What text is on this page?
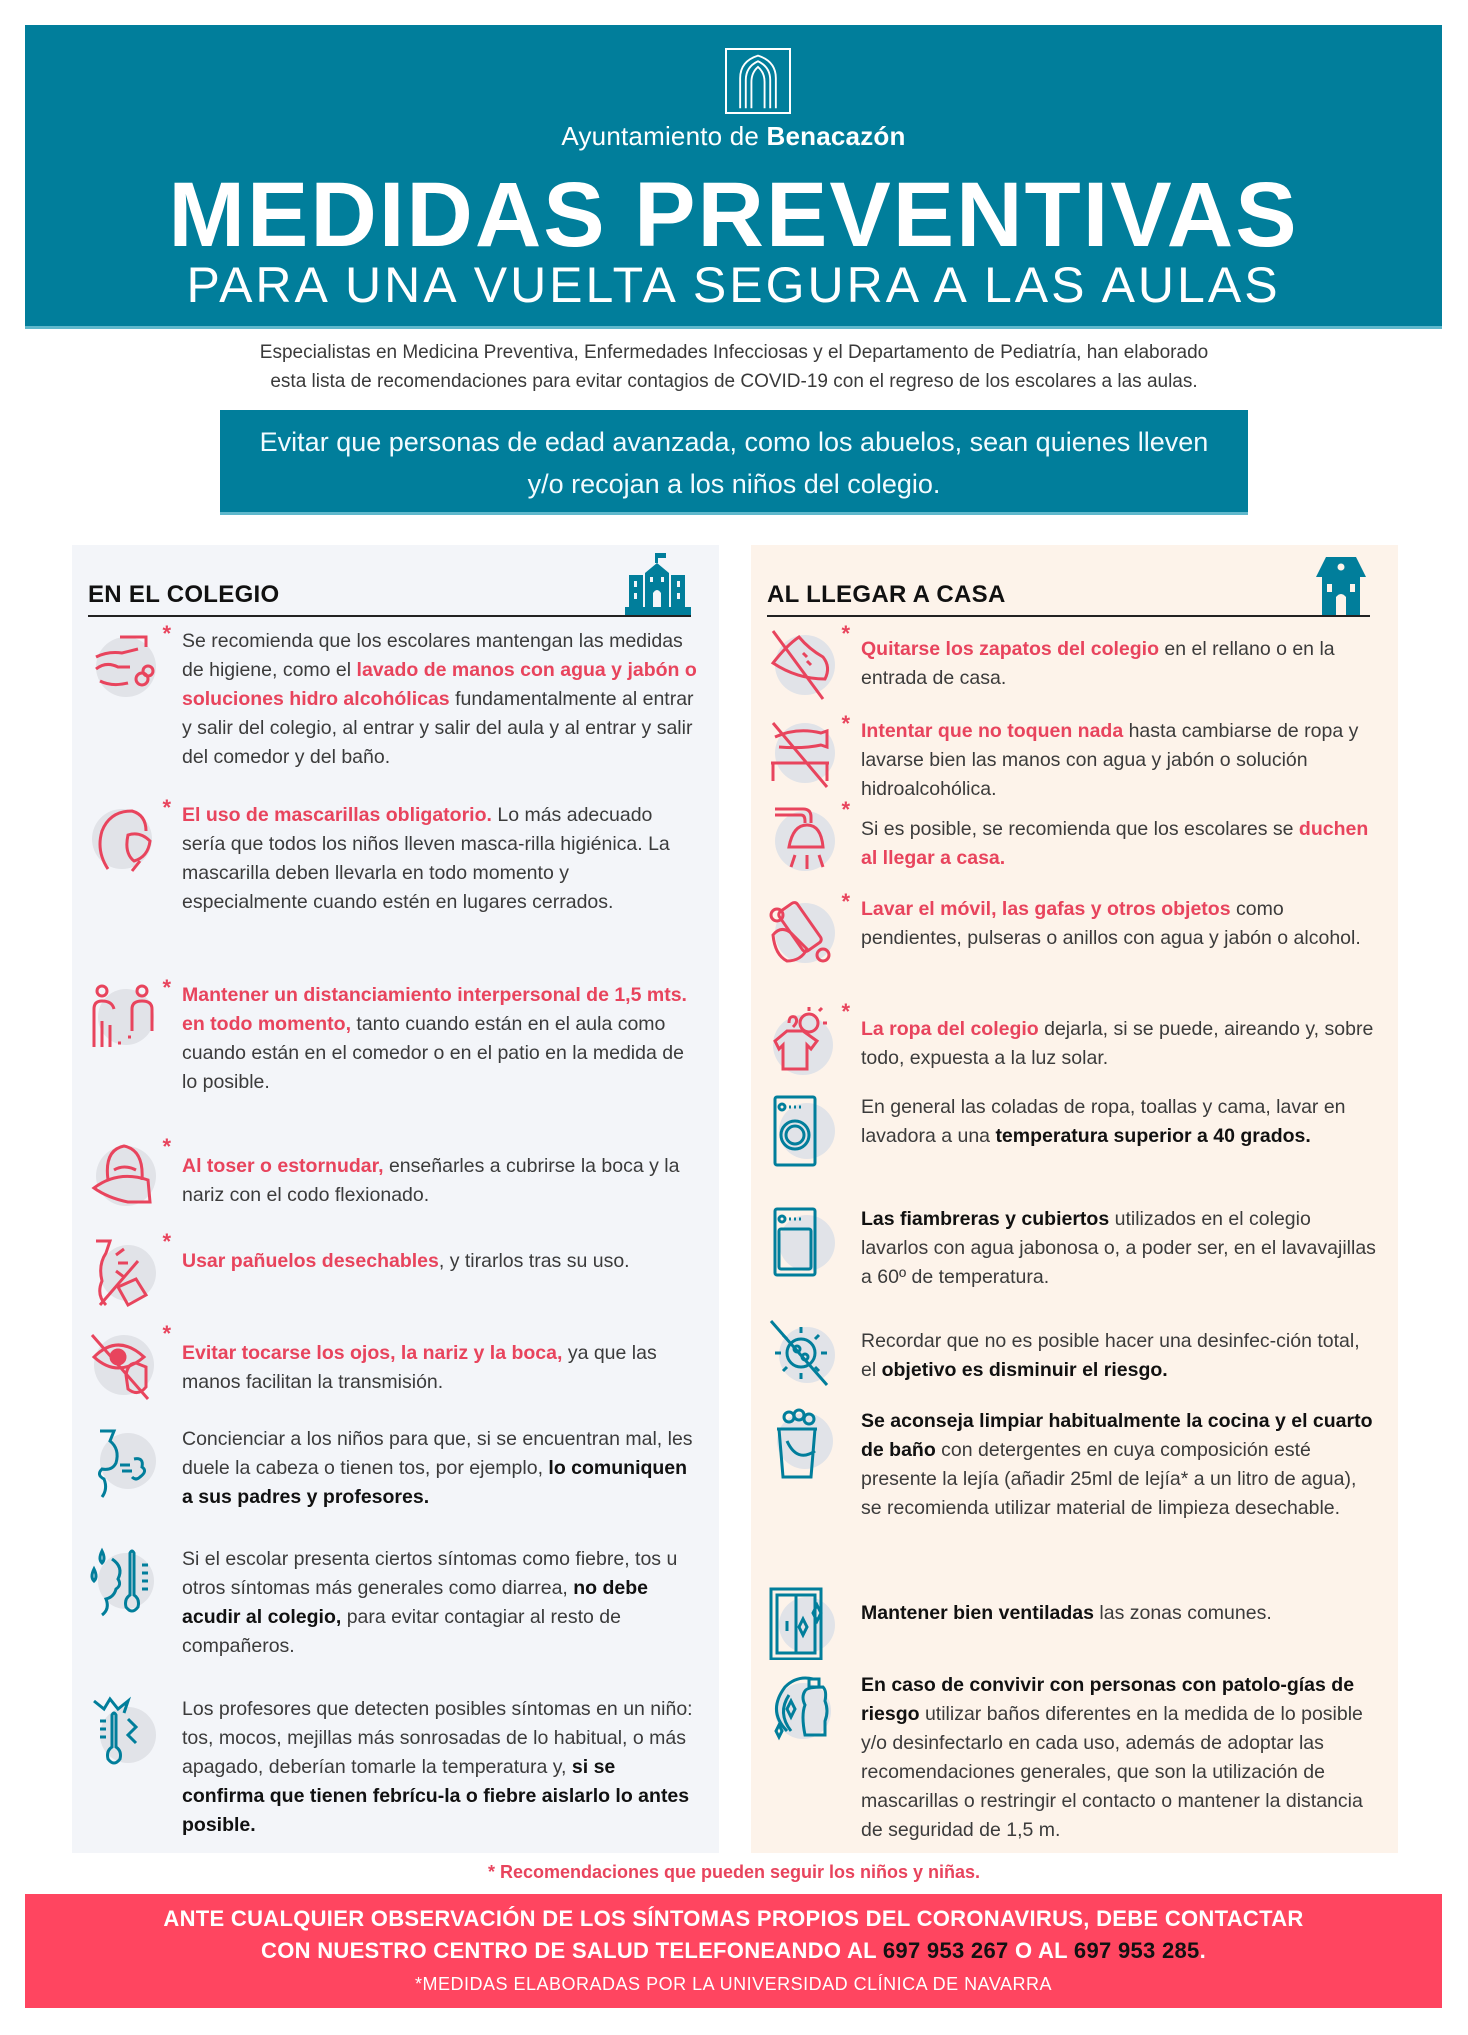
Ayuntamiento de Benacazón
MEDIDAS PREVENTIVAS
PARA UNA VUELTA SEGURA A LAS AULAS
Especialistas en Medicina Preventiva, Enfermedades Infecciosas y el Departamento de Pediatría, han elaborado
esta lista de recomendaciones para evitar contagios de COVID-19 con el regreso de los escolares a las aulas.
Evitar que personas de edad avanzada, como los abuelos, sean quienes lleven
y/o recojan a los niños del colegio.
EN EL COLEGIO
* Se recomienda que los escolares mantengan las medidas de higiene, como el lavado de manos con agua y jabón o soluciones hidro alcohólicas fundamentalmente al entrar y salir del colegio, al entrar y salir del aula y al entrar y salir del comedor y del baño.
* El uso de mascarillas obligatorio. Lo más adecuado sería que todos los niños lleven masca-rilla higiénica. La mascarilla deben llevarla en todo momento y especialmente cuando estén en lugares cerrados.
* Mantener un distanciamiento interpersonal de 1,5 mts. en todo momento, tanto cuando están en el aula como cuando están en el comedor o en el patio en la medida de lo posible.
*
Al toser o estornudar, enseñarles a cubrirse la boca y la nariz con el codo flexionado.
*
Usar pañuelos desechables, y tirarlos tras su uso.
*
Evitar tocarse los ojos, la nariz y la boca, ya que las manos facilitan la transmisión.
Concienciar a los niños para que, si se encuentran mal, les duele la cabeza o tienen tos, por ejemplo, lo comuniquen a sus padres y profesores.
Si el escolar presenta ciertos síntomas como fiebre, tos u otros síntomas más generales como diarrea, no debe acudir al colegio, para evitar contagiar al resto de compañeros.
Los profesores que detecten posibles síntomas en un niño: tos, mocos, mejillas más sonrosadas de lo habitual, o más apagado, deberían tomarle la temperatura y, si se confirma que tienen febrícu-la o fiebre aislarlo lo antes posible.
AL LLEGAR A CASA
*
Quitarse los zapatos del colegio en el rellano o en la entrada de casa.
* Intentar que no toquen nada hasta cambiarse de ropa y lavarse bien las manos con agua y jabón o solución hidroalcohólica.
*
Si es posible, se recomienda que los escolares se duchen al llegar a casa.
* Lavar el móvil, las gafas y otros objetos como pendientes, pulseras o anillos con agua y jabón o alcohol.
*
La ropa del colegio dejarla, si se puede, aireando y, sobre todo, expuesta a la luz solar.
En general las coladas de ropa, toallas y cama, lavar en lavadora a una temperatura superior a 40 grados.
Las fiambreras y cubiertos utilizados en el colegio lavarlos con agua jabonosa o, a poder ser, en el lavavajillas a 60º de temperatura.
Recordar que no es posible hacer una desinfec-ción total, el objetivo es disminuir el riesgo.
Se aconseja limpiar habitualmente la cocina y el cuarto de baño con detergentes en cuya composición esté presente la lejía (añadir 25ml de lejía* a un litro de agua), se recomienda utilizar material de limpieza desechable.
Mantener bien ventiladas las zonas comunes.
En caso de convivir con personas con patolo-gías de riesgo utilizar baños diferentes en la medida de lo posible y/o desinfectarlo en cada uso, además de adoptar las recomendaciones generales, que son la utilización de mascarillas o restringir el contacto o mantener la distancia de seguridad de 1,5 m.
* Recomendaciones que pueden seguir los niños y niñas.
ANTE CUALQUIER OBSERVACIÓN DE LOS SÍNTOMAS PROPIOS DEL CORONAVIRUS, DEBE CONTACTAR
CON NUESTRO CENTRO DE SALUD TELEFONEANDO AL 697 953 267 O AL 697 953 285.
*MEDIDAS ELABORADAS POR LA UNIVERSIDAD CLÍNICA DE NAVARRA
